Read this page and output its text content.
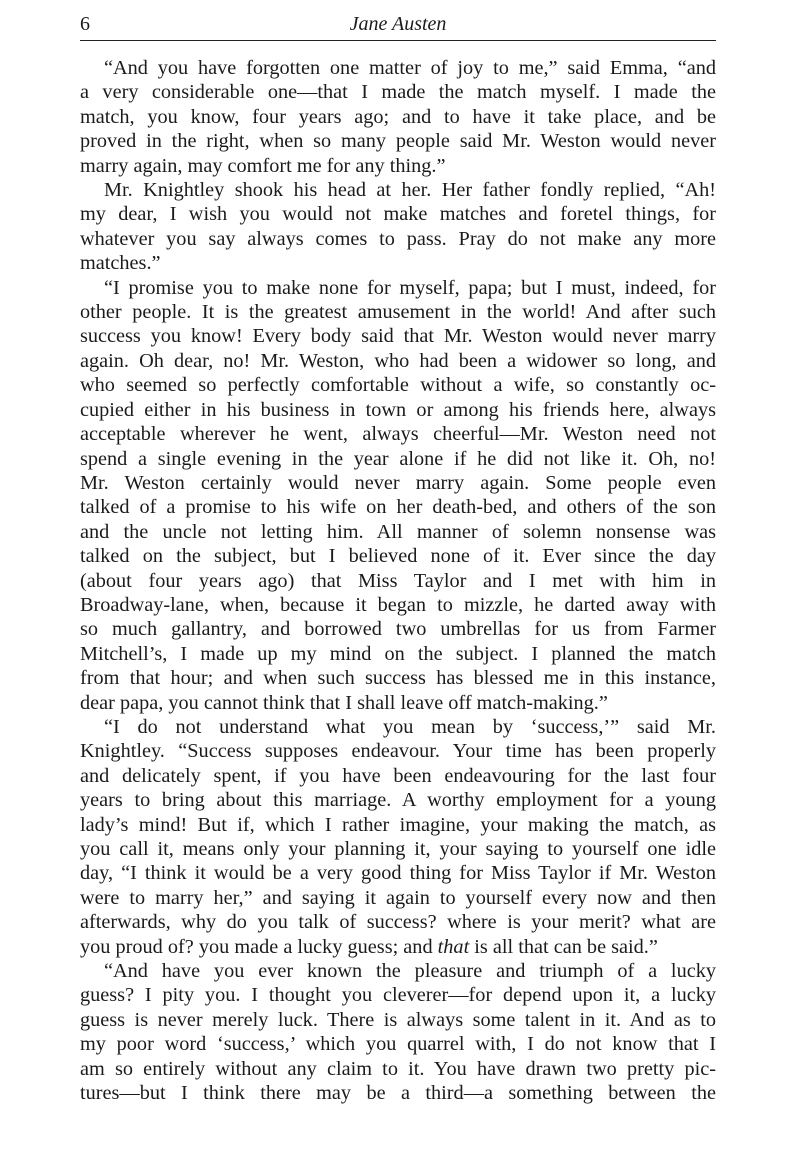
6	Jane Austen
“And you have forgotten one matter of joy to me,” said Emma, “and
a very considerable one—that I made the match myself. I made the
match, you know, four years ago; and to have it take place, and be
proved in the right, when so many people said Mr. Weston would never
marry again, may comfort me for any thing.”
Mr. Knightley shook his head at her. Her father fondly replied, “Ah!
my dear, I wish you would not make matches and foretel things, for
whatever you say always comes to pass. Pray do not make any more
matches.”
“I promise you to make none for myself, papa; but I must, indeed, for
other people. It is the greatest amusement in the world! And after such
success you know! Every body said that Mr. Weston would never marry
again. Oh dear, no! Mr. Weston, who had been a widower so long, and
who seemed so perfectly comfortable without a wife, so constantly oc-
cupied either in his business in town or among his friends here, always
acceptable wherever he went, always cheerful—Mr. Weston need not
spend a single evening in the year alone if he did not like it. Oh, no!
Mr. Weston certainly would never marry again. Some people even
talked of a promise to his wife on her death-bed, and others of the son
and the uncle not letting him. All manner of solemn nonsense was
talked on the subject, but I believed none of it. Ever since the day
(about four years ago) that Miss Taylor and I met with him in
Broadway-lane, when, because it began to mizzle, he darted away with
so much gallantry, and borrowed two umbrellas for us from Farmer
Mitchell’s, I made up my mind on the subject. I planned the match
from that hour; and when such success has blessed me in this instance,
dear papa, you cannot think that I shall leave off match-making.”
“I do not understand what you mean by ‘success,’” said Mr.
Knightley. “Success supposes endeavour. Your time has been properly
and delicately spent, if you have been endeavouring for the last four
years to bring about this marriage. A worthy employment for a young
lady’s mind! But if, which I rather imagine, your making the match, as
you call it, means only your planning it, your saying to yourself one idle
day, “I think it would be a very good thing for Miss Taylor if Mr. Weston
were to marry her,” and saying it again to yourself every now and then
afterwards, why do you talk of success? where is your merit? what are
you proud of? you made a lucky guess; and that is all that can be said.”
“And have you ever known the pleasure and triumph of a lucky
guess? I pity you. I thought you cleverer—for depend upon it, a lucky
guess is never merely luck. There is always some talent in it. And as to
my poor word ‘success,’ which you quarrel with, I do not know that I
am so entirely without any claim to it. You have drawn two pretty pic-
tures—but I think there may be a third—a something between the
